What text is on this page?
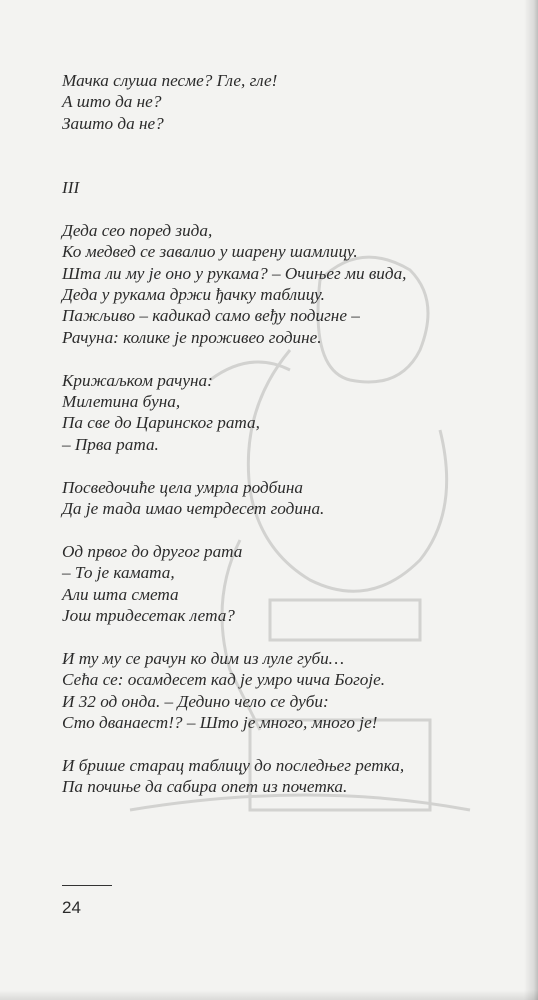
Мачка слуша песме? Гле, гле!
А што да не?
Зашто да не?
III
Деда сео поред зида,
Ко медвед се завалио у шарену шамлицу.
Шта ли му је оно у рукама? – Очињег ми вида,
Деда у рукама држи ђачку таблицу.
Пажљиво – кадикад само веђу подигне –
Рачуна: колике је проживео године.
Крижаљком рачуна:
Милетина буна,
Па све до Царинског рата,
– Прва рата.
Посведочиће цела умрла родбина
Да је тада имао четрдесет година.
Од првог до другог рата
– То је камата,
Али шта смета
Још тридесетак лета?
И ту му се рачун ко дим из луле губи…
Сећа се: осамдесет кад је умро чича Богоје.
И 32 од онда. – Дедино чело се дуби:
Сто дванаест!? – Што је много, много је!
И брише старац таблицу до последњег ретка,
Па почиње да сабира опет из почетка.
24
